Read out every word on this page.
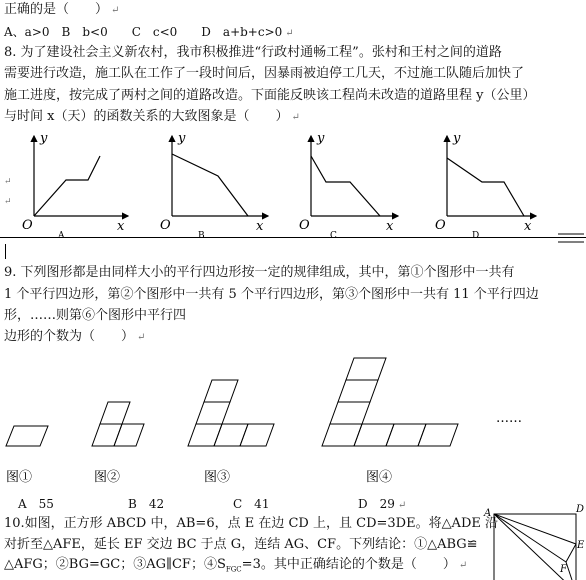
正确的是（　　） ↵
A、a>0　B　b<0　　C　c<0　　D　a+b+c>0 ↵
8. 为了建设社会主义新农村，我市积极推进“行政村通畅工程”。张村和王村之间的道路
需要进行改造，施工队在工作了一段时间后，因暴雨被迫停工几天，不过施工队随后加快了
施工进度，按完成了两村之间的道路改造。下面能反映该工程尚未改造的道路里程 y（公里）
与时间 x（天）的函数关系的大致图象是（　　） ↵
y
x
O
A
y
x
O
B
y
x
O
C
y
x
O
D
↵
↵
9. 下列图形都是由同样大小的平行四边形按一定的规律组成，其中，第①个图形中一共有
1 个平行四边形，第②个图形中一共有 5 个平行四边形，第③个图形中一共有 11 个平行四边
形，……则第⑥个图形中平行四
边形的个数为（　　） ↵
……
图①	图②	图③	图④
A　55	B　42	C　41	D　29 ↵
10.如图，正方形 ABCD 中，AB=6，点 E 在边 CD 上，且 CD=3DE。将△ADE 沿
对折至△AFE，延长 EF 交边 BC 于点 G，连结 AG、CF。下列结论：①△ABG≌
△AFG；②BG=GC；③AG∥CF；$④S_{FGC}=3$。其中正确结论的个数是（　　） ↵
A	D
E
F
